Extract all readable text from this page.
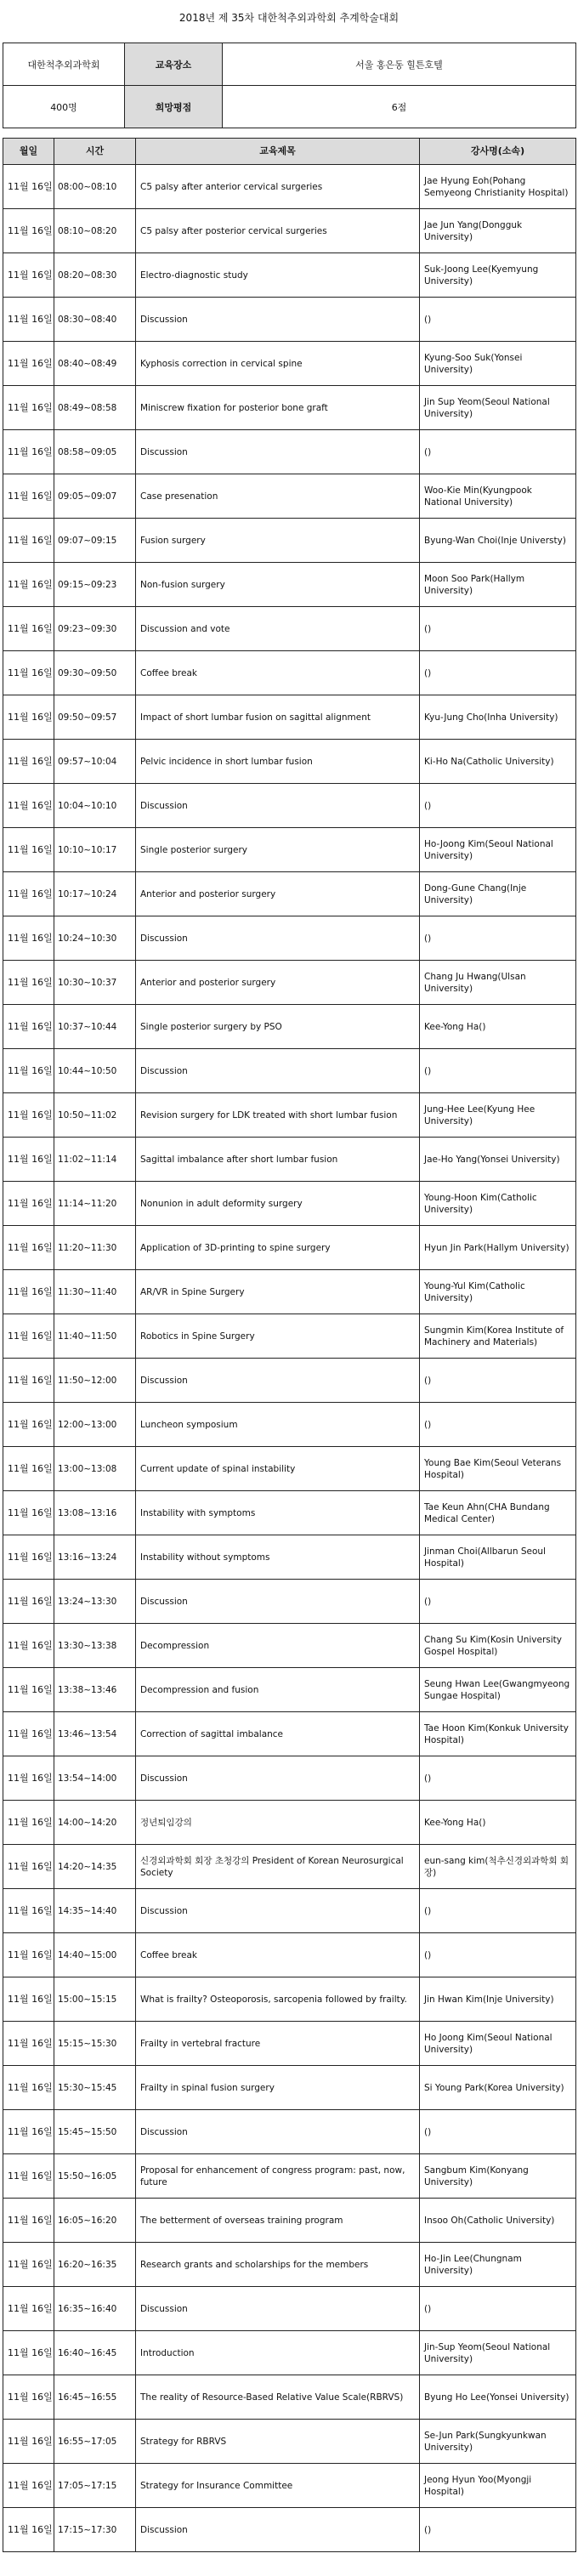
2018년 제 35차 대한척추외과학회 추계학술대회
대한척추외과학회	교육장소	서울 홍은동 힐튼호텔
400명	희망평점	6점
월일	시간	교육제목	강사명(소속)
11월 16일	08:00~08:10	C5 palsy after anterior cervical surgeries	Jae Hyung Eoh(Pohang Semyeong Christianity Hospital)
11월 16일	08:10~08:20	C5 palsy after posterior cervical surgeries	Jae Jun Yang(Dongguk University)
11월 16일	08:20~08:30	Electro-diagnostic study	Suk-Joong Lee(Kyemyung University)
11월 16일	08:30~08:40	Discussion	()
11월 16일	08:40~08:49	Kyphosis correction in cervical spine	Kyung-Soo Suk(Yonsei University)
11월 16일	08:49~08:58	Miniscrew fixation for posterior bone graft	Jin Sup Yeom(Seoul National University)
11월 16일	08:58~09:05	Discussion	()
11월 16일	09:05~09:07	Case presenation	Woo-Kie Min(Kyungpook National University)
11월 16일	09:07~09:15	Fusion surgery	Byung-Wan Choi(Inje Universty)
11월 16일	09:15~09:23	Non-fusion surgery	Moon Soo Park(Hallym University)
11월 16일	09:23~09:30	Discussion and vote	()
11월 16일	09:30~09:50	Coffee break	()
11월 16일	09:50~09:57	Impact of short lumbar fusion on sagittal alignment	Kyu-Jung Cho(Inha University)
11월 16일	09:57~10:04	Pelvic incidence in short lumbar fusion	Ki-Ho Na(Catholic University)
11월 16일	10:04~10:10	Discussion	()
11월 16일	10:10~10:17	Single posterior surgery	Ho-Joong Kim(Seoul National University)
11월 16일	10:17~10:24	Anterior and posterior surgery	Dong-Gune Chang(Inje University)
11월 16일	10:24~10:30	Discussion	()
11월 16일	10:30~10:37	Anterior and posterior surgery	Chang Ju Hwang(Ulsan University)
11월 16일	10:37~10:44	Single posterior surgery by PSO	Kee-Yong Ha()
11월 16일	10:44~10:50	Discussion	()
11월 16일	10:50~11:02	Revision surgery for LDK treated with short lumbar fusion	Jung-Hee Lee(Kyung Hee University)
11월 16일	11:02~11:14	Sagittal imbalance after short lumbar fusion	Jae-Ho Yang(Yonsei University)
11월 16일	11:14~11:20	Nonunion in adult deformity surgery	Young-Hoon Kim(Catholic University)
11월 16일	11:20~11:30	Application of 3D-printing to spine surgery	Hyun Jin Park(Hallym University)
11월 16일	11:30~11:40	AR/VR in Spine Surgery	Young-Yul Kim(Catholic University)
11월 16일	11:40~11:50	Robotics in Spine Surgery	Sungmin Kim(Korea Institute of Machinery and Materials)
11월 16일	11:50~12:00	Discussion	()
11월 16일	12:00~13:00	Luncheon symposium	()
11월 16일	13:00~13:08	Current update of spinal instability	Young Bae Kim(Seoul Veterans Hospital)
11월 16일	13:08~13:16	Instability with symptoms	Tae Keun Ahn(CHA Bundang Medical Center)
11월 16일	13:16~13:24	Instability without symptoms	Jinman Choi(Allbarun Seoul Hospital)
11월 16일	13:24~13:30	Discussion	()
11월 16일	13:30~13:38	Decompression	Chang Su Kim(Kosin University Gospel Hospital)
11월 16일	13:38~13:46	Decompression and fusion	Seung Hwan Lee(Gwangmyeong Sungae Hospital)
11월 16일	13:46~13:54	Correction of sagittal imbalance	Tae Hoon Kim(Konkuk University Hospital)
11월 16일	13:54~14:00	Discussion	()
11월 16일	14:00~14:20	정년퇴임강의	Kee-Yong Ha()
11월 16일	14:20~14:35	신경외과학회 회장 초청강의 President of Korean Neurosurgical Society	eun-sang kim(척추신경외과학회 회장)
11월 16일	14:35~14:40	Discussion	()
11월 16일	14:40~15:00	Coffee break	()
11월 16일	15:00~15:15	What is frailty? Osteoporosis, sarcopenia followed by frailty.	Jin Hwan Kim(Inje University)
11월 16일	15:15~15:30	Frailty in vertebral fracture	Ho Joong Kim(Seoul National University)
11월 16일	15:30~15:45	Frailty in spinal fusion surgery	Si Young Park(Korea University)
11월 16일	15:45~15:50	Discussion	()
11월 16일	15:50~16:05	Proposal for enhancement of congress program: past, now, future	Sangbum Kim(Konyang University)
11월 16일	16:05~16:20	The betterment of overseas training program	Insoo Oh(Catholic University)
11월 16일	16:20~16:35	Research grants and scholarships for the members	Ho-Jin Lee(Chungnam University)
11월 16일	16:35~16:40	Discussion	()
11월 16일	16:40~16:45	Introduction	Jin-Sup Yeom(Seoul National University)
11월 16일	16:45~16:55	The reality of Resource-Based Relative Value Scale(RBRVS)	Byung Ho Lee(Yonsei University)
11월 16일	16:55~17:05	Strategy for RBRVS	Se-Jun Park(Sungkyunkwan University)
11월 16일	17:05~17:15	Strategy for Insurance Committee	Jeong Hyun Yoo(Myongji Hospital)
11월 16일	17:15~17:30	Discussion	()
